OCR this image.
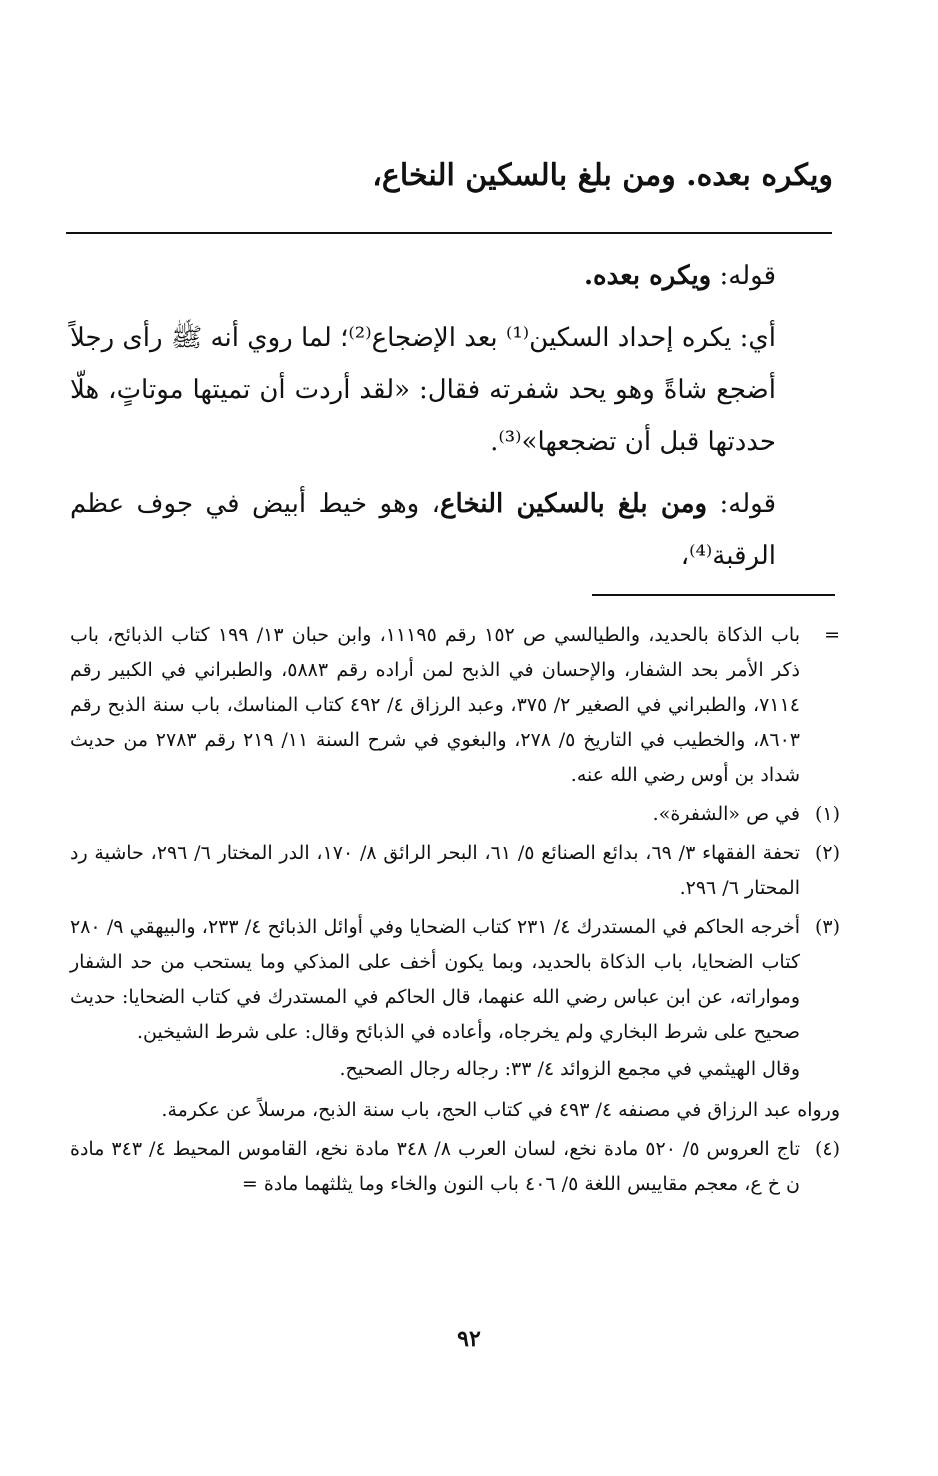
ويكره بعده. ومن بلغ بالسكين النخاع،

قوله: ويكره بعده.

أي: يكره إحداد السكين⁽¹⁾ بعد الإضجاع⁽²⁾؛ لما روي أنه ﷺ رأى رجلاً أضجع شاةً وهو يحد شفرته فقال: «لقد أردت أن تميتها موتاتٍ، هلّا حددتها قبل أن تضجعها»⁽³⁾.

قوله: ومن بلغ بالسكين النخاع، وهو خيط أبيض في جوف عظم الرقبة⁽⁴⁾،

=
باب الذكاة بالحديد، والطيالسي ص ١٥٢ رقم ١١١٩٥، وابن حبان ١٣/ ١٩٩ كتاب الذبائح، باب ذكر الأمر بحد الشفار، والإحسان في الذبح لمن أراده رقم ٥٨٨٣، والطبراني في الكبير رقم ٧١١٤، والطبراني في الصغير ٢/ ٣٧٥، وعبد الرزاق ٤/ ٤٩٢ كتاب المناسك، باب سنة الذبح رقم ٨٦٠٣، والخطيب في التاريخ ٥/ ٢٧٨، والبغوي في شرح السنة ١١/ ٢١٩ رقم ٢٧٨٣ من حديث شداد بن أوس رضي الله عنه.
(١)
في ص «الشفرة».
(٢)
تحفة الفقهاء ٣/ ٦٩، بدائع الصنائع ٥/ ٦١، البحر الرائق ٨/ ١٧٠، الدر المختار ٦/ ٢٩٦، حاشية رد المحتار ٦/ ٢٩٦.
(٣)
أخرجه الحاكم في المستدرك ٤/ ٢٣١ كتاب الضحايا وفي أوائل الذبائح ٤/ ٢٣٣، والبيهقي ٩/ ٢٨٠ كتاب الضحايا، باب الذكاة بالحديد، وبما يكون أخف على المذكي وما يستحب من حد الشفار ومواراته، عن ابن عباس رضي الله عنهما، قال الحاكم في المستدرك في كتاب الضحايا: حديث صحيح على شرط البخاري ولم يخرجاه، وأعاده في الذبائح وقال: على شرط الشيخين.
وقال الهيثمي في مجمع الزوائد ٤/ ٣٣: رجاله رجال الصحيح.
ورواه عبد الرزاق في مصنفه ٤/ ٤٩٣ في كتاب الحج، باب سنة الذبح، مرسلاً عن عكرمة.
(٤)
تاج العروس ٥/ ٥٢٠ مادة نخع، لسان العرب ٨/ ٣٤٨ مادة نخع، القاموس المحيط ٤/ ٣٤٣ مادة ن خ ع، معجم مقاييس اللغة ٥/ ٤٠٦ باب النون والخاء وما يثلثهما مادة =
٩٢
